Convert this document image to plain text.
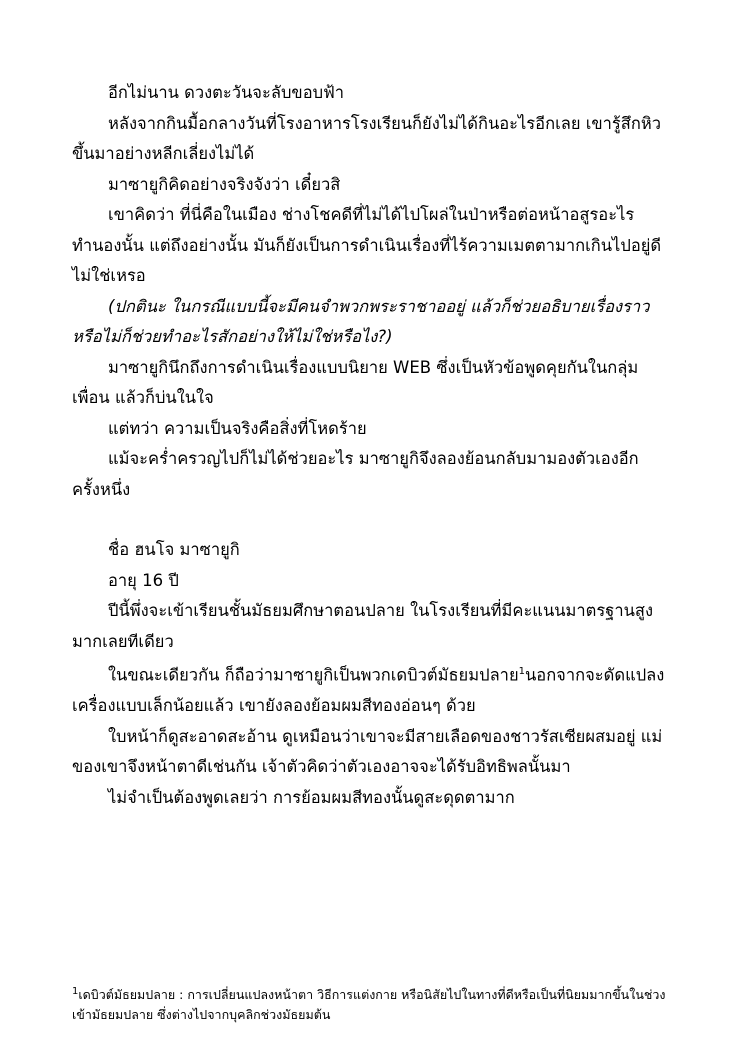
อีกไม่นาน ดวงตะวันจะลับขอบฟ้า

หลังจากกินมื้อกลางวันที่โรงอาหารโรงเรียนก็ยังไม่ได้กินอะไรอีกเลย เขารู้สึกหิวขึ้นมาอย่างหลีกเลี่ยงไม่ได้

มาซายูกิคิดอย่างจริงจังว่า เดี๋ยวสิ

เขาคิดว่า ที่นี่คือในเมือง ช่างโชคดีที่ไม่ได้ไปโผล่ในป่าหรือต่อหน้าอสูรอะไรทำนองนั้น แต่ถึงอย่างนั้น มันก็ยังเป็นการดำเนินเรื่องที่ไร้ความเมตตามากเกินไปอยู่ดีไม่ใช่เหรอ

(ปกตินะ ในกรณีแบบนี้จะมีคนจำพวกพระราชาออยู่ แล้วก็ช่วยอธิบายเรื่องราว หรือไม่ก็ช่วยทำอะไรสักอย่างให้ไม่ใช่หรือไง?)

มาซายูกินึกถึงการดำเนินเรื่องแบบนิยาย WEB ซึ่งเป็นหัวข้อพูดคุยกันในกลุ่มเพื่อน แล้วก็บ่นในใจ

แต่ทว่า ความเป็นจริงคือสิ่งที่โหดร้าย

แม้จะคร่ำครวญไปก็ไม่ได้ช่วยอะไร มาซายูกิจึงลองย้อนกลับมามองตัวเองอีกครั้งหนึ่ง

ชื่อ ฮนโจ มาซายูกิ

อายุ 16 ปี

ปีนี้พึ่งจะเข้าเรียนชั้นมัธยมศึกษาตอนปลาย ในโรงเรียนที่มีคะแนนมาตรฐานสูงมากเลยทีเดียว

ในขณะเดียวกัน ก็ถือว่ามาซายูกิเป็นพวกเดบิวต์มัธยมปลาย$^1$นอกจากจะดัดแปลงเครื่องแบบเล็กน้อยแล้ว เขายังลองย้อมผมสีทองอ่อนๆ ด้วย

ใบหน้าก็ดูสะอาดสะอ้าน ดูเหมือนว่าเขาจะมีสายเลือดของชาวรัสเซียผสมอยู่ แม่ของเขาจึงหน้าตาดีเช่นกัน เจ้าตัวคิดว่าตัวเองอาจจะได้รับอิทธิพลนั้นมา

ไม่จำเป็นต้องพูดเลยว่า การย้อมผมสีทองนั้นดูสะดุดตามาก

$^1$เดบิวต์มัธยมปลาย : การเปลี่ยนแปลงหน้าตา วิธีการแต่งกาย หรือนิสัยไปในทางที่ดีหรือเป็นที่นิยมมากขึ้นในช่วงเข้ามัธยมปลาย ซึ่งต่างไปจากบุคลิกช่วงมัธยมต้น
